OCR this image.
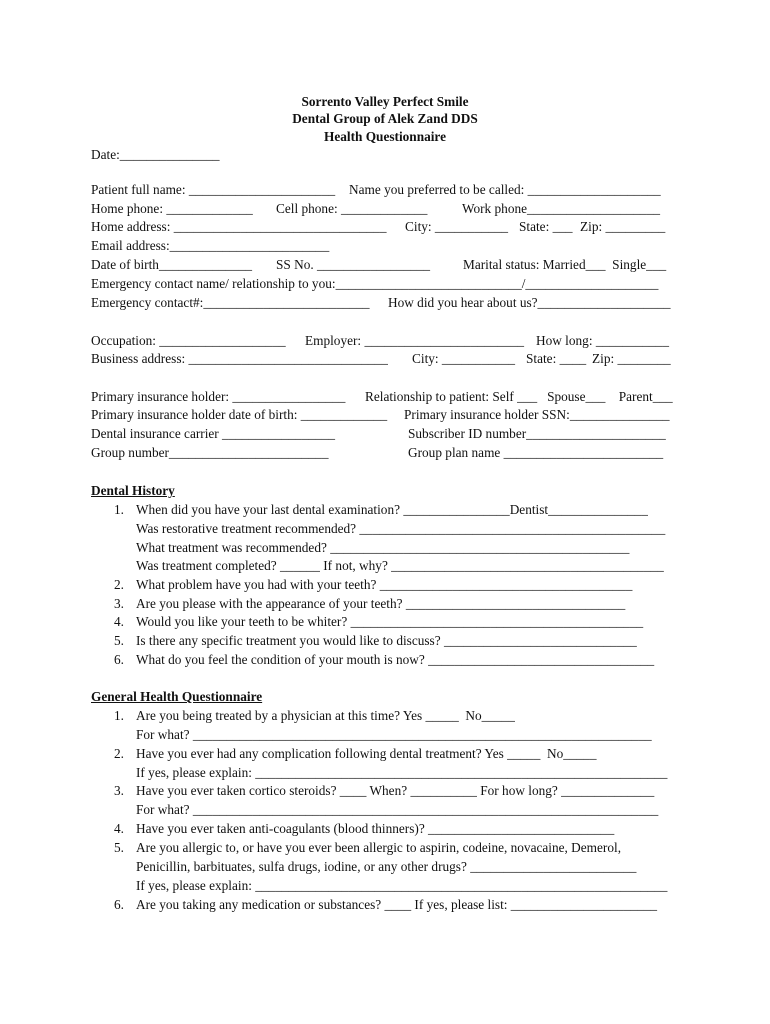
Sorrento Valley Perfect Smile
Dental Group of Alek Zand DDS
Health Questionnaire
Date:_______________
Patient full name: ______________________ Name you preferred to be called: ____________________
Home phone: _____________ Cell phone: _____________	Work phone____________________
Home address: ________________________________ City: ___________ State: ___ Zip: _________
Email address:________________________
Date of birth______________ SS No. _________________ Marital status: Married___  Single___
Emergency contact name/ relationship to you:____________________________/____________________
Emergency contact#:_________________________ How did you hear about us?____________________
Occupation: ___________________ Employer: ________________________ How long: ___________
Business address: ______________________________ City: ___________ State: ____ Zip: ________
Primary insurance holder: _________________ Relationship to patient: Self ___   Spouse___    Parent___
Primary insurance holder date of birth: _____________ Primary insurance holder SSN:_______________
Dental insurance carrier _________________	Subscriber ID number_____________________
Group number________________________	Group plan name ________________________
Dental History
1. When did you have your last dental examination? ________________Dentist_______________
Was restorative treatment recommended? ______________________________________________
What treatment was recommended? _____________________________________________
Was treatment completed? ______ If not, why? _________________________________________
2. What problem have you had with your teeth? ______________________________________
3. Are you please with the appearance of your teeth? _________________________________
4. Would you like your teeth to be whiter? ____________________________________________
5. Is there any specific treatment you would like to discuss? _____________________________
6. What do you feel the condition of your mouth is now? __________________________________
General Health Questionnaire
1. Are you being treated by a physician at this time? Yes _____  No_____
For what? _____________________________________________________________________
2. Have you ever had any complication following dental treatment? Yes _____  No_____
If yes, please explain: ______________________________________________________________
3. Have you ever taken cortico steroids? ____ When? __________ For how long? ______________
For what? ______________________________________________________________________
4. Have you ever taken anti-coagulants (blood thinners)? ____________________________
5. Are you allergic to, or have you ever been allergic to aspirin, codeine, novacaine, Demerol,
Penicillin, barbituates, sulfa drugs, iodine, or any other drugs? _________________________
If yes, please explain: ______________________________________________________________
6. Are you taking any medication or substances? ____ If yes, please list: ______________________
